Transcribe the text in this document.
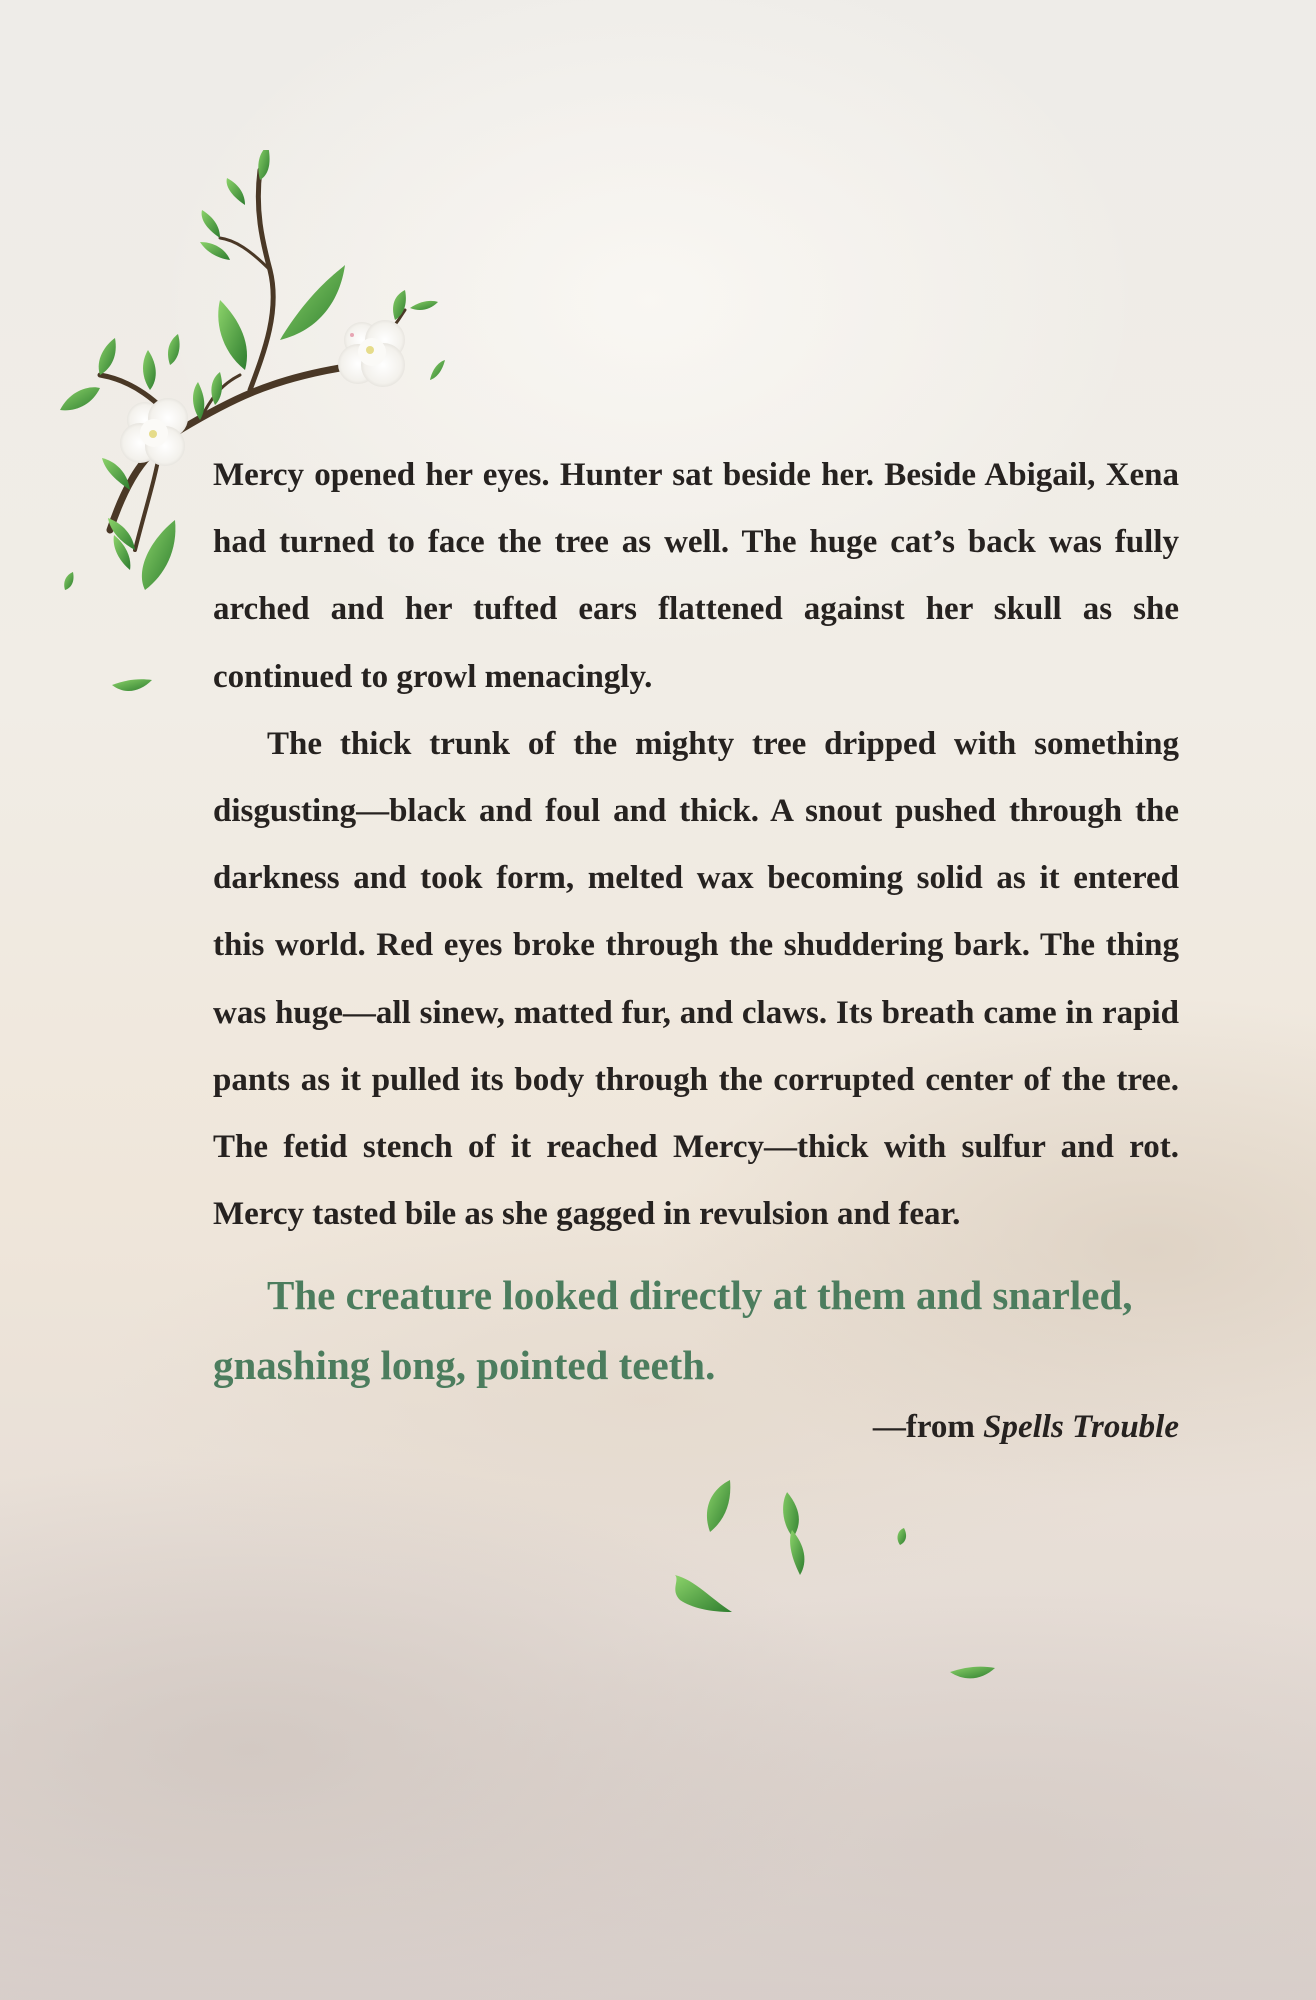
Mercy opened her eyes. Hunter sat beside her. Beside Abigail, Xena had turned to face the tree as well. The huge cat’s back was fully arched and her tufted ears flattened against her skull as she continued to growl menacingly.

The thick trunk of the mighty tree dripped with something disgusting—black and foul and thick. A snout pushed through the darkness and took form, melted wax becoming solid as it entered this world. Red eyes broke through the shuddering bark. The thing was huge—all sinew, matted fur, and claws. Its breath came in rapid pants as it pulled its body through the corrupted center of the tree. The fetid stench of it reached Mercy—thick with sulfur and rot. Mercy tasted bile as she gagged in revulsion and fear.

The creature looked directly at them and snarled, gnashing long, pointed teeth.

—from Spells Trouble
